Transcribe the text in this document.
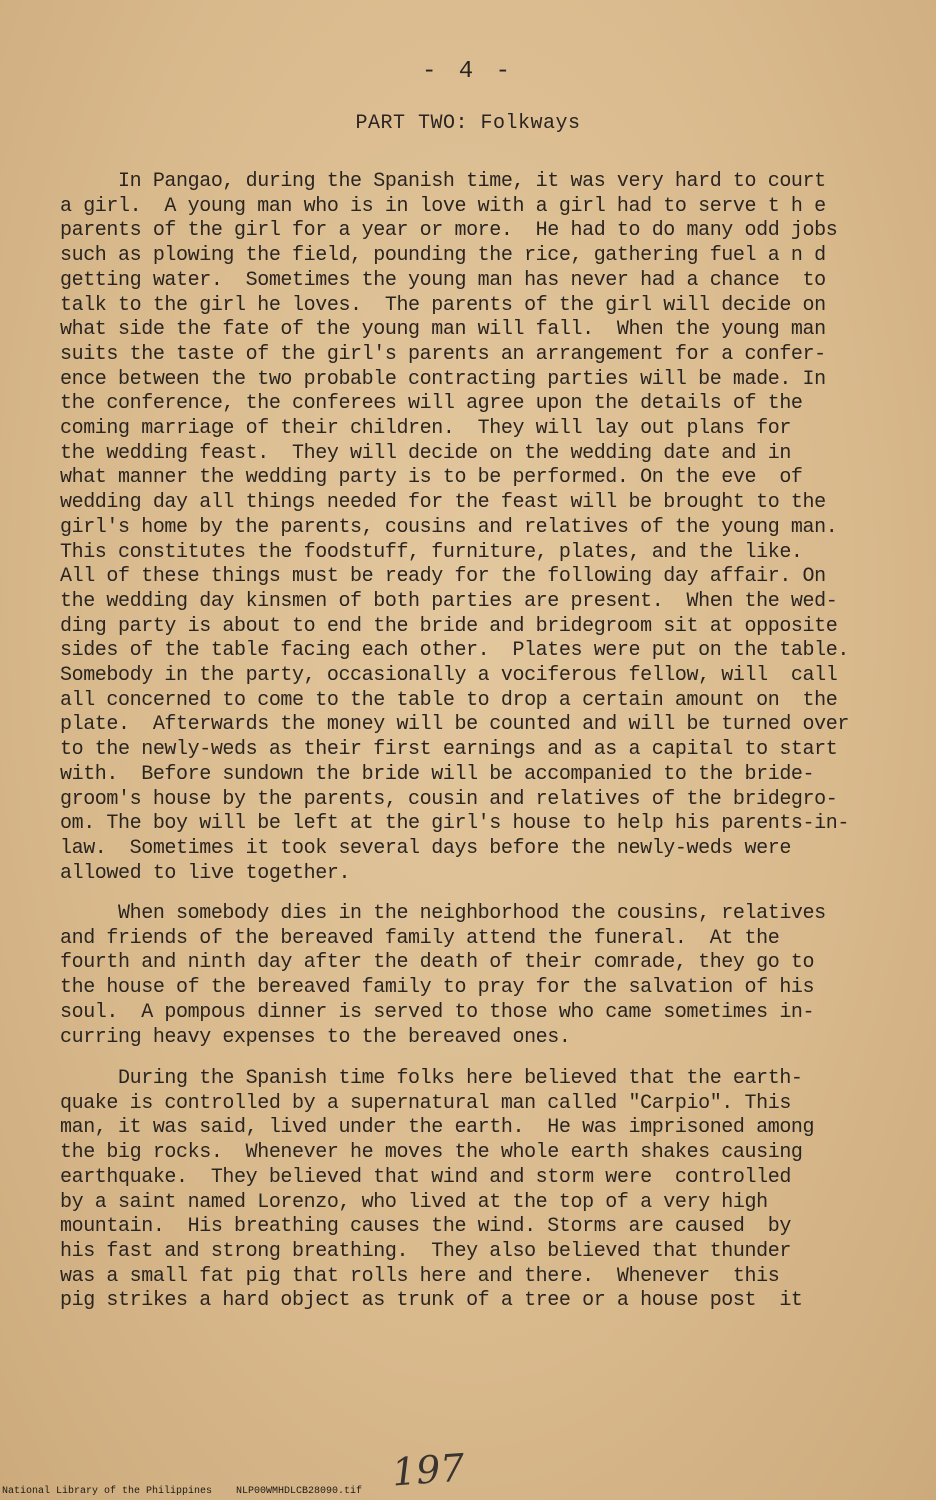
- 4 -
PART TWO: Folkways
In Pangao, during the Spanish time, it was very hard to court
a girl.  A young man who is in love with a girl had to serve t h e
parents of the girl for a year or more.  He had to do many odd jobs
such as plowing the field, pounding the rice, gathering fuel a n d
getting water.  Sometimes the young man has never had a chance  to
talk to the girl he loves.  The parents of the girl will decide on
what side the fate of the young man will fall.  When the young man
suits the taste of the girl's parents an arrangement for a confer-
ence between the two probable contracting parties will be made. In
the conference, the conferees will agree upon the details of the
coming marriage of their children.  They will lay out plans for
the wedding feast.  They will decide on the wedding date and in
what manner the wedding party is to be performed. On the eve  of
wedding day all things needed for the feast will be brought to the
girl's home by the parents, cousins and relatives of the young man.
This constitutes the foodstuff, furniture, plates, and the like.
All of these things must be ready for the following day affair. On
the wedding day kinsmen of both parties are present.  When the wed-
ding party is about to end the bride and bridegroom sit at opposite
sides of the table facing each other.  Plates were put on the table.
Somebody in the party, occasionally a vociferous fellow, will  call
all concerned to come to the table to drop a certain amount on  the
plate.  Afterwards the money will be counted and will be turned over
to the newly-weds as their first earnings and as a capital to start
with.  Before sundown the bride will be accompanied to the bride-
groom's house by the parents, cousin and relatives of the bridegro-
om. The boy will be left at the girl's house to help his parents-in-
law.  Sometimes it took several days before the newly-weds were
allowed to live together.
When somebody dies in the neighborhood the cousins, relatives
and friends of the bereaved family attend the funeral.  At the
fourth and ninth day after the death of their comrade, they go to
the house of the bereaved family to pray for the salvation of his
soul.  A pompous dinner is served to those who came sometimes in-
curring heavy expenses to the bereaved ones.
During the Spanish time folks here believed that the earth-
quake is controlled by a supernatural man called "Carpio". This
man, it was said, lived under the earth.  He was imprisoned among
the big rocks.  Whenever he moves the whole earth shakes causing
earthquake.  They believed that wind and storm were  controlled
by a saint named Lorenzo, who lived at the top of a very high
mountain.  His breathing causes the wind. Storms are caused  by
his fast and strong breathing.  They also believed that thunder
was a small fat pig that rolls here and there.  Whenever  this
pig strikes a hard object as trunk of a tree or a house post  it
197
National Library of the Philippines    NLP00WMHDLCB28090.tif
